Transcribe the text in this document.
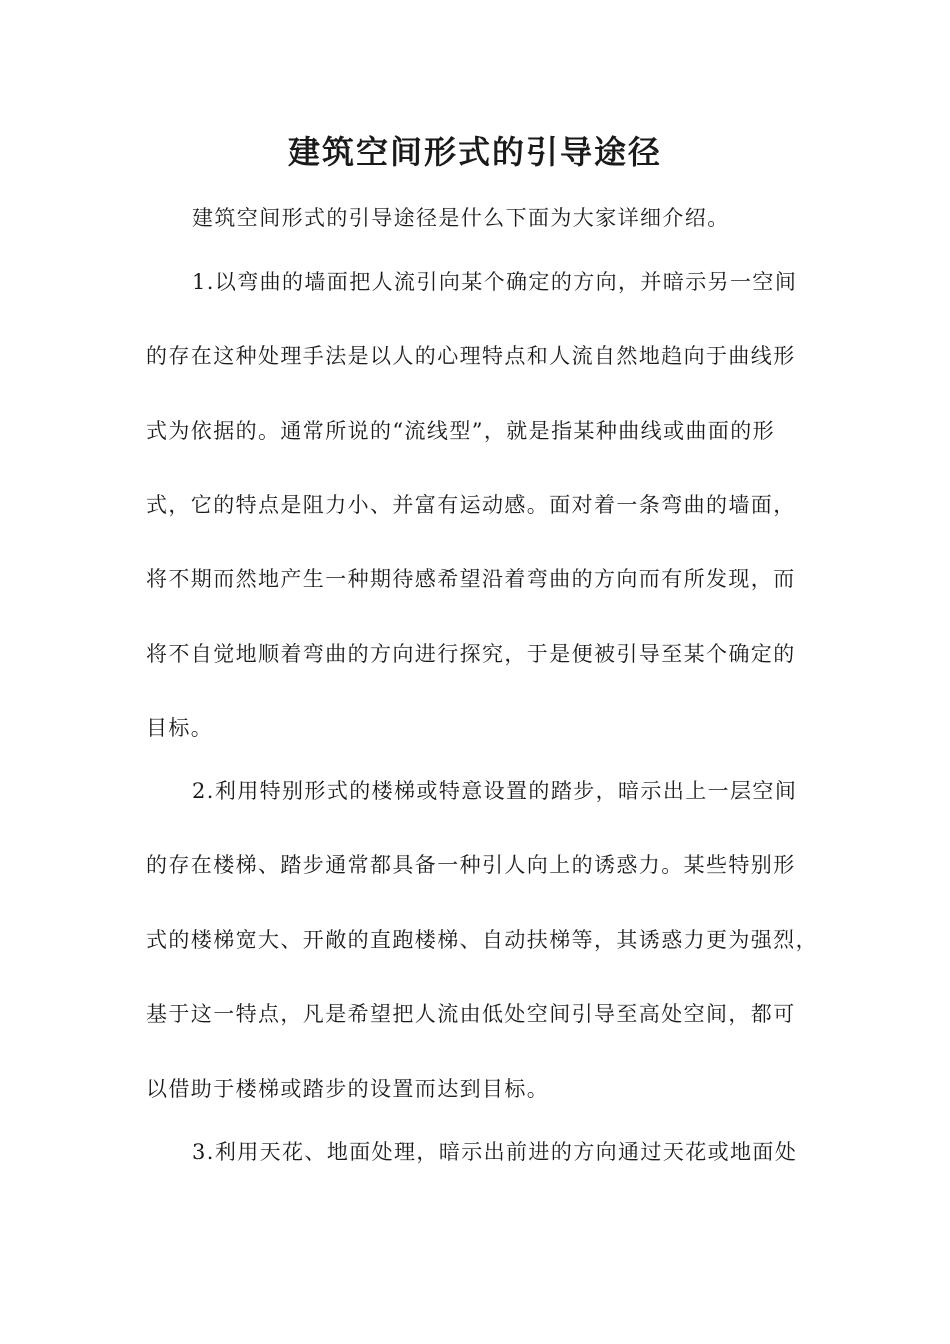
建筑空间形式的引导途径
建筑空间形式的引导途径是什么下面为大家详细介绍。
1.以弯曲的墙面把人流引向某个确定的方向，并暗示另一空间
的存在这种处理手法是以人的心理特点和人流自然地趋向于曲线形
式为依据的。通常所说的“流线型”，就是指某种曲线或曲面的形
式，它的特点是阻力小、并富有运动感。面对着一条弯曲的墙面，
将不期而然地产生一种期待感希望沿着弯曲的方向而有所发现，而
将不自觉地顺着弯曲的方向进行探究，于是便被引导至某个确定的
目标。
2.利用特别形式的楼梯或特意设置的踏步，暗示出上一层空间
的存在楼梯、踏步通常都具备一种引人向上的诱惑力。某些特别形
式的楼梯宽大、开敞的直跑楼梯、自动扶梯等，其诱惑力更为强烈，
基于这一特点，凡是希望把人流由低处空间引导至高处空间，都可
以借助于楼梯或踏步的设置而达到目标。
3.利用天花、地面处理，暗示出前进的方向通过天花或地面处
